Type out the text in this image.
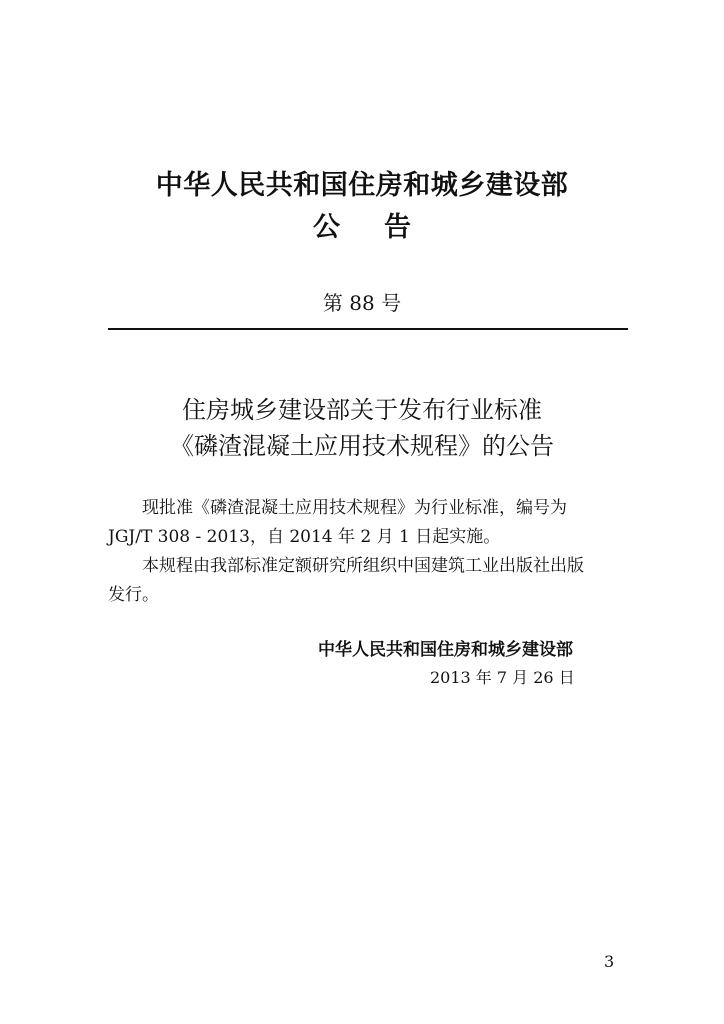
中华人民共和国住房和城乡建设部
公 告
第 88 号
住房城乡建设部关于发布行业标准
《磷渣混凝土应用技术规程》的公告

现批准《磷渣混凝土应用技术规程》为行业标准，编号为

JGJ/T 308 - 2013，自 2014 年 2 月 1 日起实施。

本规程由我部标准定额研究所组织中国建筑工业出版社出版

发行。

中华人民共和国住房和城乡建设部
2013 年 7 月 26 日
3
